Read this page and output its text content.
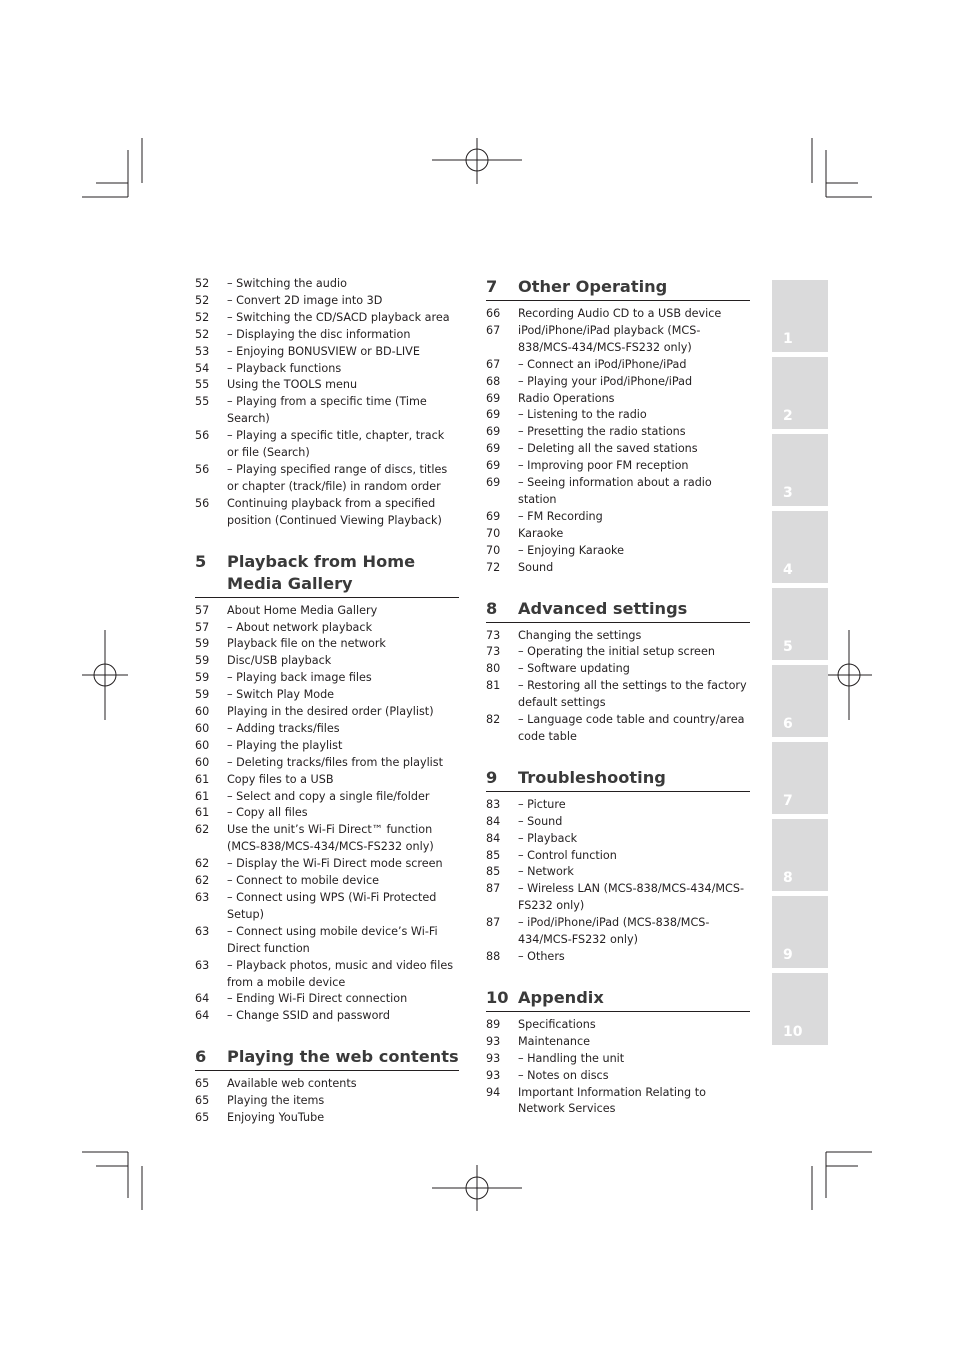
52	– Switching the audio
52	– Convert 2D image into 3D
52	– Switching the CD/SACD playback area
52	– Displaying the disc information
53	– Enjoying BONUSVIEW or BD-LIVE
54	– Playback functions
55	Using the TOOLS menu
55	– Playing from a specific time (Time Search)
56	– Playing a specific title, chapter, track or file (Search)
56	– Playing specified range of discs, titles or chapter (track/file) in random order
56	Continuing playback from a specified position (Continued Viewing Playback)
5	Playback from Home Media Gallery
57	About Home Media Gallery
57	– About network playback
59	Playback file on the network
59	Disc/USB playback
59	– Playing back image files
59	– Switch Play Mode
60	Playing in the desired order (Playlist)
60	– Adding tracks/files
60	– Playing the playlist
60	– Deleting tracks/files from the playlist
61	Copy files to a USB
61	– Select and copy a single file/folder
61	– Copy all files
62	Use the unit’s Wi-Fi Direct™ function (MCS-838/MCS-434/MCS-FS232 only)
62	– Display the Wi-Fi Direct mode screen
62	– Connect to mobile device
63	– Connect using WPS (Wi-Fi Protected Setup)
63	– Connect using mobile device’s Wi-Fi Direct function
63	– Playback photos, music and video files from a mobile device
64	– Ending Wi-Fi Direct connection
64	– Change SSID and password
6	Playing the web contents
65	Available web contents
65	Playing the items
65	Enjoying YouTube
7	Other Operating
66	Recording Audio CD to a USB device
67	iPod/iPhone/iPad playback (MCS-838/MCS-434/MCS-FS232 only)
67	– Connect an iPod/iPhone/iPad
68	– Playing your iPod/iPhone/iPad
69	Radio Operations
69	– Listening to the radio
69	– Presetting the radio stations
69	– Deleting all the saved stations
69	– Improving poor FM reception
69	– Seeing information about a radio station
69	– FM Recording
70	Karaoke
70	– Enjoying Karaoke
72	Sound
8	Advanced settings
73	Changing the settings
73	– Operating the initial setup screen
80	– Software updating
81	– Restoring all the settings to the factory default settings
82	– Language code table and country/area code table
9	Troubleshooting
83	– Picture
84	– Sound
84	– Playback
85	– Control function
85	– Network
87	– Wireless LAN (MCS-838/MCS-434/MCS-FS232 only)
87	– iPod/iPhone/iPad (MCS-838/MCS-434/MCS-FS232 only)
88	– Others
10 Appendix
89	Specifications
93	Maintenance
93	– Handling the unit
93	– Notes on discs
94	Important Information Relating to Network Services
1
2
3
4
5
6
7
8
9
10
